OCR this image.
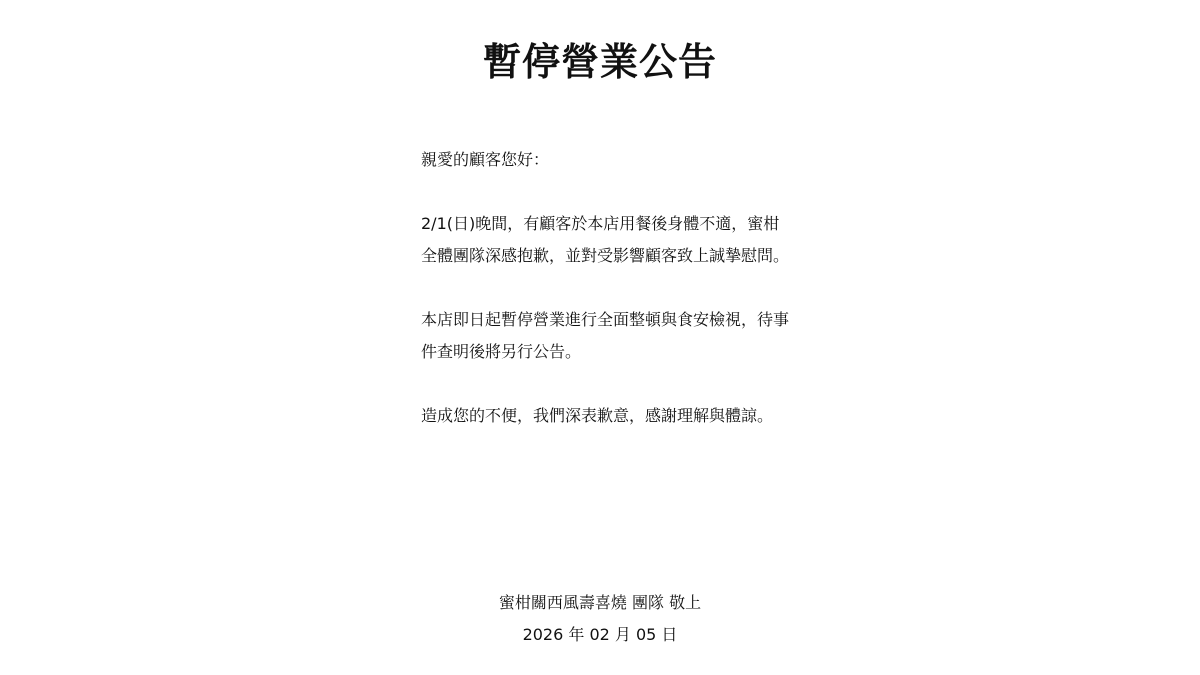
暫停營業公告
親愛的顧客您好：
2/1(日)晚間，有顧客於本店用餐後身體不適，蜜柑
全體團隊深感抱歉，並對受影響顧客致上誠摯慰問。
本店即日起暫停營業進行全面整頓與食安檢視，待事
件查明後將另行公告。
造成您的不便，我們深表歉意，感謝理解與體諒。
蜜柑關西風壽喜燒 團隊 敬上
2026 年 02 月 05 日
